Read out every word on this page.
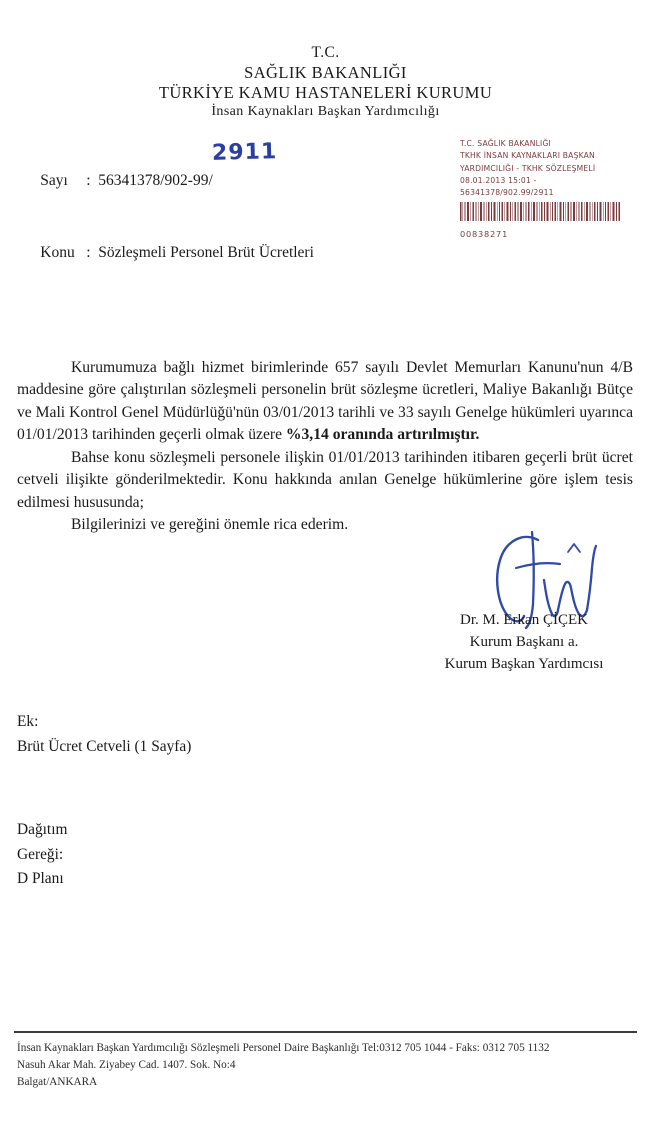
T.C.
SAĞLIK BAKANLIĞI
TÜRKİYE KAMU HASTANELERİ KURUMU
İnsan Kaynakları Başkan Yardımcılığı

Sayı : 56341378/902-99/

Konu : Sözleşmeli Personel Brüt Ücretleri

2911	T.C. SAĞLIK BAKANLIĞI
TKHK İNSAN KAYNAKLARI BAŞKAN
YARDIMCILIĞI - TKHK SÖZLEŞMELİ
08.01.2013 15:01 -
56341378/902.99/2911
00838271

Kurumumuza bağlı hizmet birimlerinde 657 sayılı Devlet Memurları Kanunu'nun 4/B maddesine göre çalıştırılan sözleşmeli personelin brüt sözleşme ücretleri, Maliye Bakanlığı Bütçe ve Mali Kontrol Genel Müdürlüğü'nün 03/01/2013 tarihli ve 33 sayılı Genelge hükümleri uyarınca 01/01/2013 tarihinden geçerli olmak üzere %3,14 oranında artırılmıştır.

Bahse konu sözleşmeli personele ilişkin 01/01/2013 tarihinden itibaren geçerli brüt ücret cetveli ilişikte gönderilmektedir. Konu hakkında anılan Genelge hükümlerine göre işlem tesis edilmesi hususunda;

Bilgilerinizi ve gereğini önemle rica ederim.

Dr. M. Erkan ÇİÇEK
Kurum Başkanı a.
Kurum Başkan Yardımcısı
Ek:
Brüt Ücret Cetveli (1 Sayfa)
Dağıtım
Gereği:
D Planı
İnsan Kaynakları Başkan Yardımcılığı Sözleşmeli Personel Daire Başkanlığı Tel:0312 705 1044 - Faks: 0312 705 1132
Nasuh Akar Mah. Ziyabey Cad. 1407. Sok. No:4
Balgat/ANKARA
